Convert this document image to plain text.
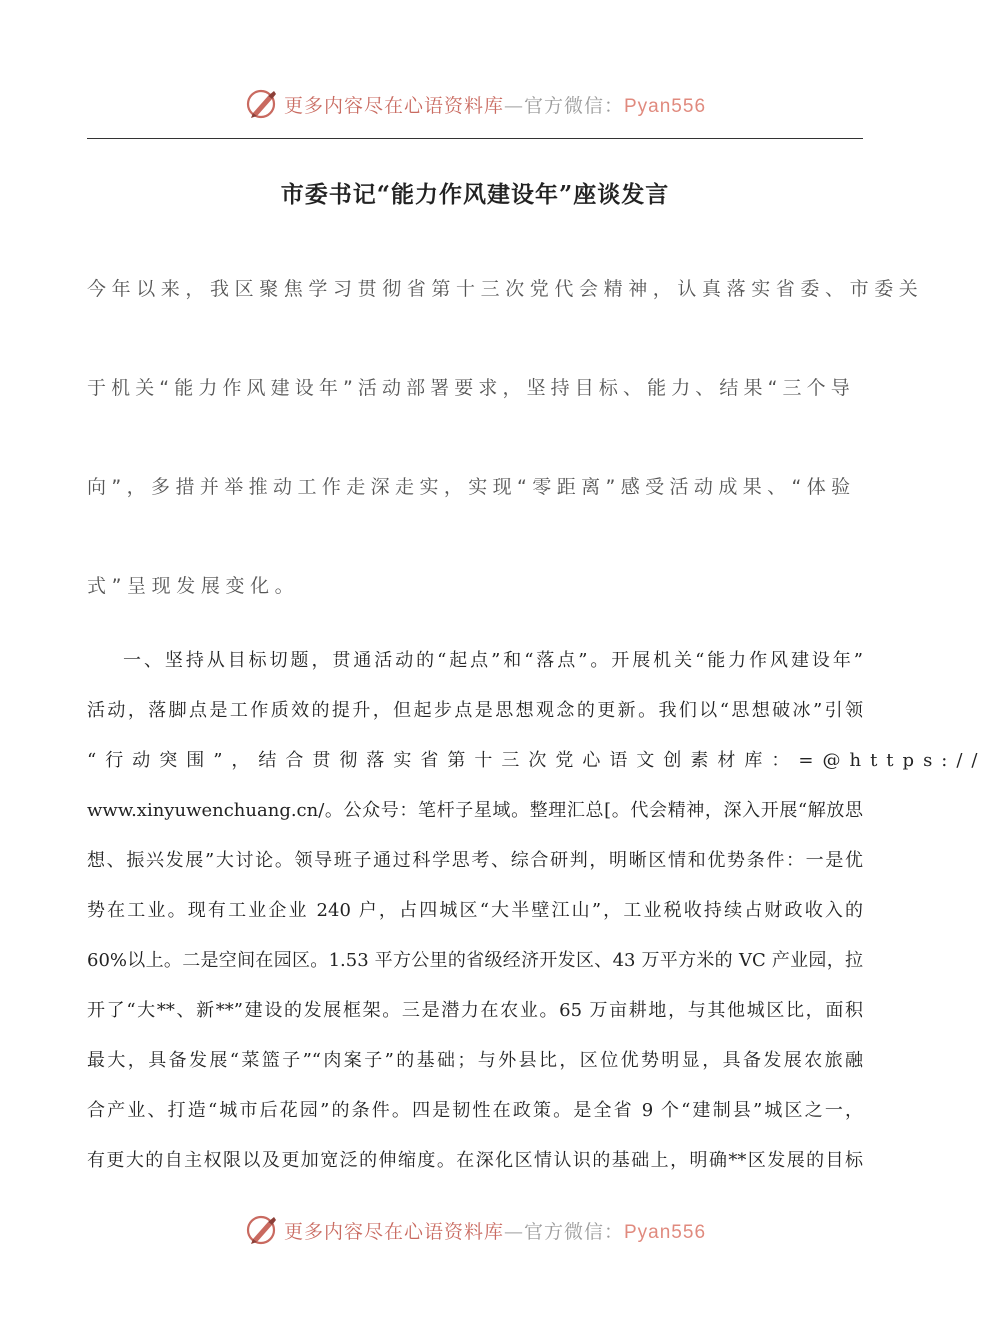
更多内容尽在心语资料库—官方微信：Pyan556
市委书记“能力作风建设年”座谈发言
今年以来，我区聚焦学习贯彻省第十三次党代会精神，认真落实省委、市委关
于机关“能力作风建设年”活动部署要求，坚持目标、能力、结果“三个导
向”，多措并举推动工作走深走实，实现“零距离”感受活动成果、“体验
式”呈现发展变化。
一、坚持从目标切题，贯通活动的“起点”和“落点”。开展机关“能力作风建设年”
活动，落脚点是工作质效的提升，但起步点是思想观念的更新。我们以“思想破冰”引领
“行动突围”，结合贯彻落实省第十三次党心语文创素材库：=@https://
www.xinyuwenchuang.cn/。公众号：笔杆子星域。整理汇总[。代会精神，深入开展“解放思
想、振兴发展”大讨论。领导班子通过科学思考、综合研判，明晰区情和优势条件：一是优
势在工业。现有工业企业 240 户，占四城区“大半壁江山”，工业税收持续占财政收入的
60%以上。二是空间在园区。1.53 平方公里的省级经济开发区、43 万平方米的 VC 产业园，拉
开了“大**、新**”建设的发展框架。三是潜力在农业。65 万亩耕地，与其他城区比，面积
最大，具备发展“菜篮子”“肉案子”的基础；与外县比，区位优势明显，具备发展农旅融
合产业、打造“城市后花园”的条件。四是韧性在政策。是全省 9 个“建制县”城区之一，
有更大的自主权限以及更加宽泛的伸缩度。在深化区情认识的基础上，明确**区发展的目标
更多内容尽在心语资料库—官方微信：Pyan556
